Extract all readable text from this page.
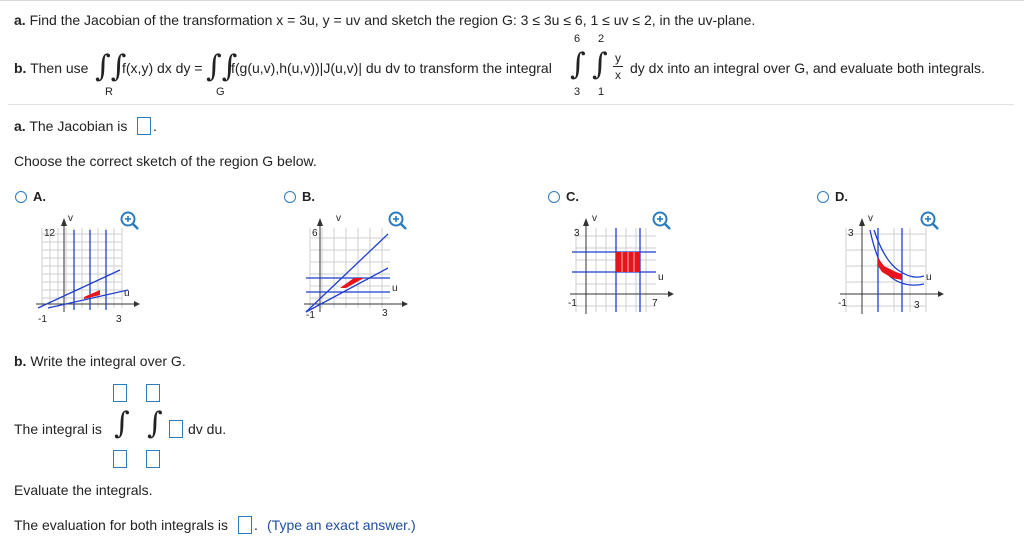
a. Find the Jacobian of the transformation x = 3u, y = uv and sketch the region G: 3 ≤ 3u ≤ 6, 1 ≤ uv ≤ 2, in the uv-plane.
b. Then use ∫∫
R
f(x,y) dx dy = ∫∫
G
f(g(u,v),h(u,v))|J(u,v)| du dv to transform the integral
6 2
∫ ∫
3 1
y
x dy dx into an integral over G, and evaluate both integrals.
a. The Jacobian is .
Choose the correct sketch of the region G below.
A.	B.	C.	D.
v
12
u
3
-1
v
6
u
3
-1
v
3
u
7
-1
v
3
u
3
-1
b. Write the integral over G.
The integral is ∫ ∫ dv du.
Evaluate the integrals.
The evaluation for both integrals is . (Type an exact answer.)
